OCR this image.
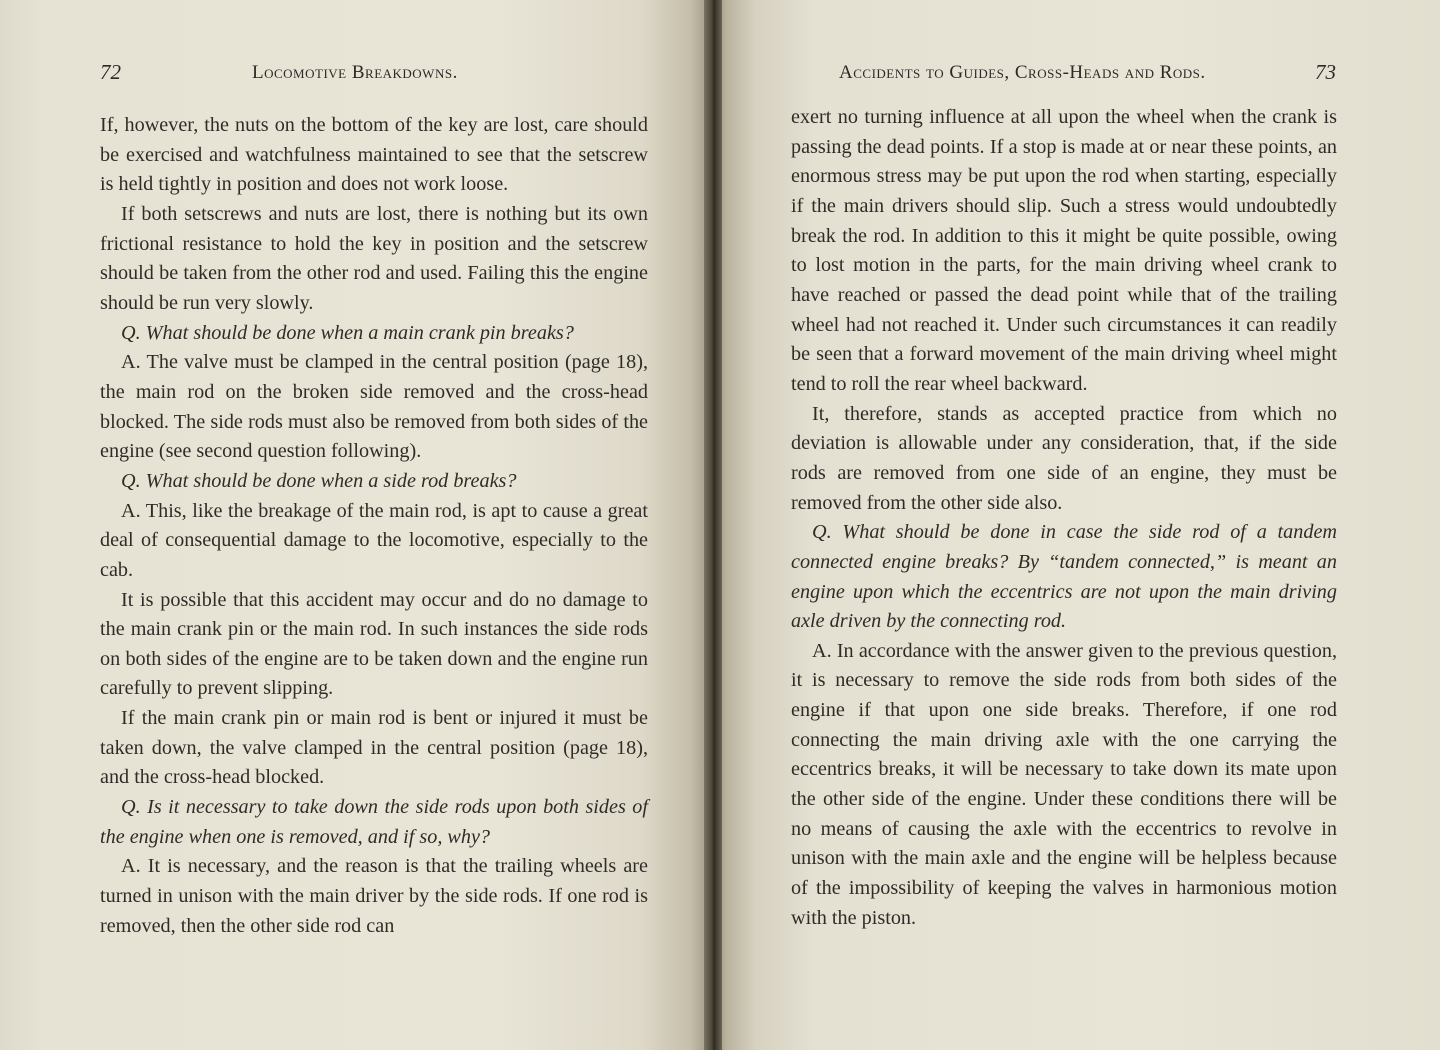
72	Locomotive Breakdowns.

If, however, the nuts on the bottom of the key are lost, care should be exercised and watchfulness maintained to see that the setscrew is held tightly in position and does not work loose.

If both setscrews and nuts are lost, there is nothing but its own frictional resistance to hold the key in position and the setscrew should be taken from the other rod and used. Failing this the engine should be run very slowly.

Q. What should be done when a main crank pin breaks?

A. The valve must be clamped in the central position (page 18), the main rod on the broken side removed and the cross-head blocked. The side rods must also be removed from both sides of the engine (see second question following).

Q. What should be done when a side rod breaks?

A. This, like the breakage of the main rod, is apt to cause a great deal of consequential damage to the locomotive, especially to the cab.

It is possible that this accident may occur and do no damage to the main crank pin or the main rod. In such instances the side rods on both sides of the engine are to be taken down and the engine run carefully to prevent slipping.

If the main crank pin or main rod is bent or injured it must be taken down, the valve clamped in the central position (page 18), and the cross-head blocked.

Q. Is it necessary to take down the side rods upon both sides of the engine when one is removed, and if so, why?

A. It is necessary, and the reason is that the trailing wheels are turned in unison with the main driver by the side rods. If one rod is removed, then the other side rod can

Accidents to Guides, Cross-Heads and Rods.	73

exert no turning influence at all upon the wheel when the crank is passing the dead points. If a stop is made at or near these points, an enormous stress may be put upon the rod when starting, especially if the main drivers should slip. Such a stress would undoubtedly break the rod. In addition to this it might be quite possible, owing to lost motion in the parts, for the main driving wheel crank to have reached or passed the dead point while that of the trailing wheel had not reached it. Under such circumstances it can readily be seen that a forward movement of the main driving wheel might tend to roll the rear wheel backward.

It, therefore, stands as accepted practice from which no deviation is allowable under any consideration, that, if the side rods are removed from one side of an engine, they must be removed from the other side also.

Q. What should be done in case the side rod of a tandem connected engine breaks? By “tandem connected,” is meant an engine upon which the eccentrics are not upon the main driving axle driven by the connecting rod.

A. In accordance with the answer given to the previous question, it is necessary to remove the side rods from both sides of the engine if that upon one side breaks. Therefore, if one rod connecting the main driving axle with the one carrying the eccentrics breaks, it will be necessary to take down its mate upon the other side of the engine. Under these conditions there will be no means of causing the axle with the eccentrics to revolve in unison with the main axle and the engine will be helpless because of the impossibility of keeping the valves in harmonious motion with the piston.
